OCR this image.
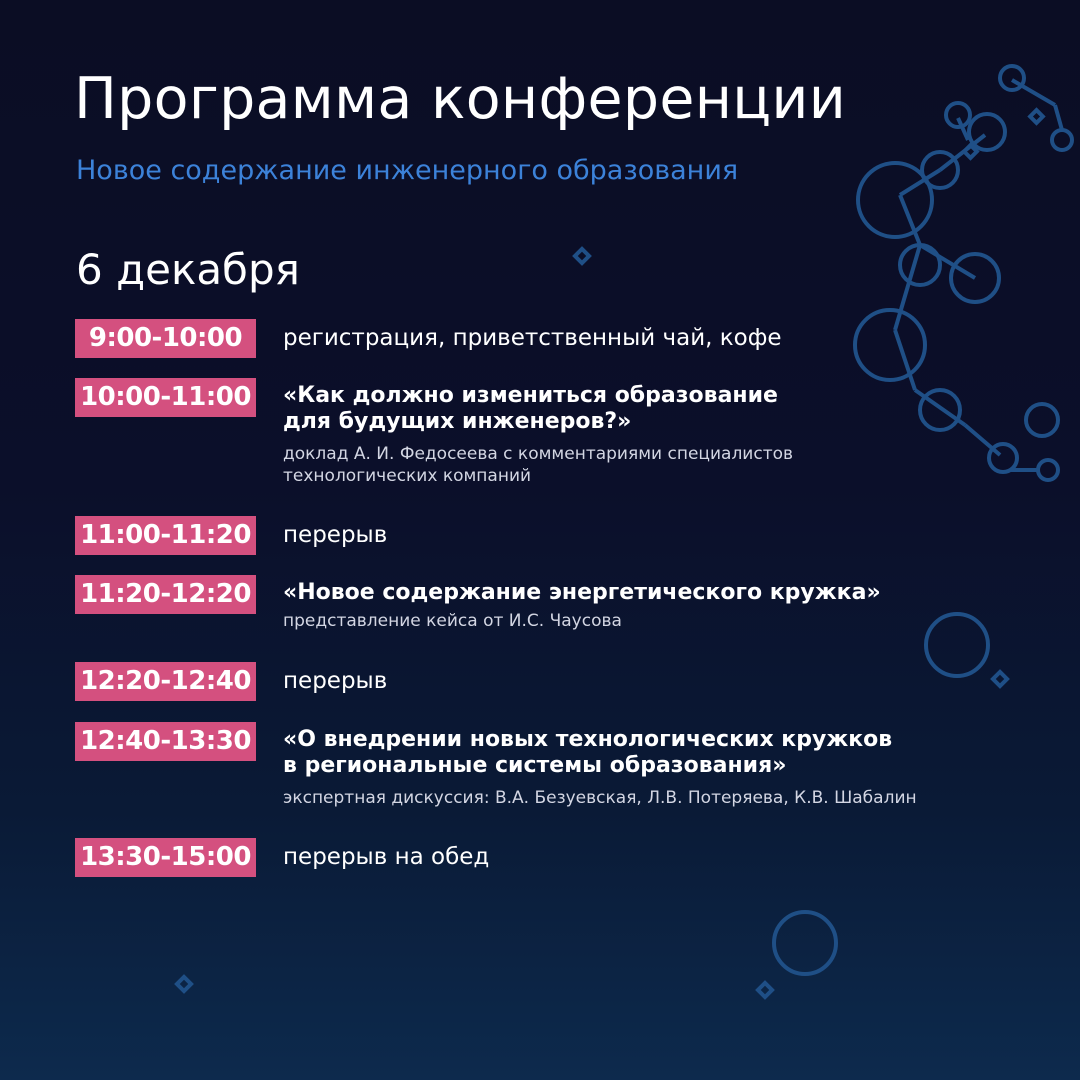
Программа конференции
Новое содержание инженерного образования
6 декабря
9:00-10:00	регистрация, приветственный чай, кофе
10:00-11:00 «Как должно измениться образование
для будущих инженеров?»
доклад А. И. Федосеева с комментариями специалистов
технологических компаний
11:00-11:20 перерыв
11:20-12:20 «Новое содержание энергетического кружка»
представление кейса от И.С. Чаусова
12:20-12:40 перерыв
12:40-13:30 «О внедрении новых технологических кружков
в региональные системы образования»
экспертная дискуссия: В.А. Безуевская, Л.В. Потеряева, К.В. Шабалин
13:30-15:00 перерыв на обед
